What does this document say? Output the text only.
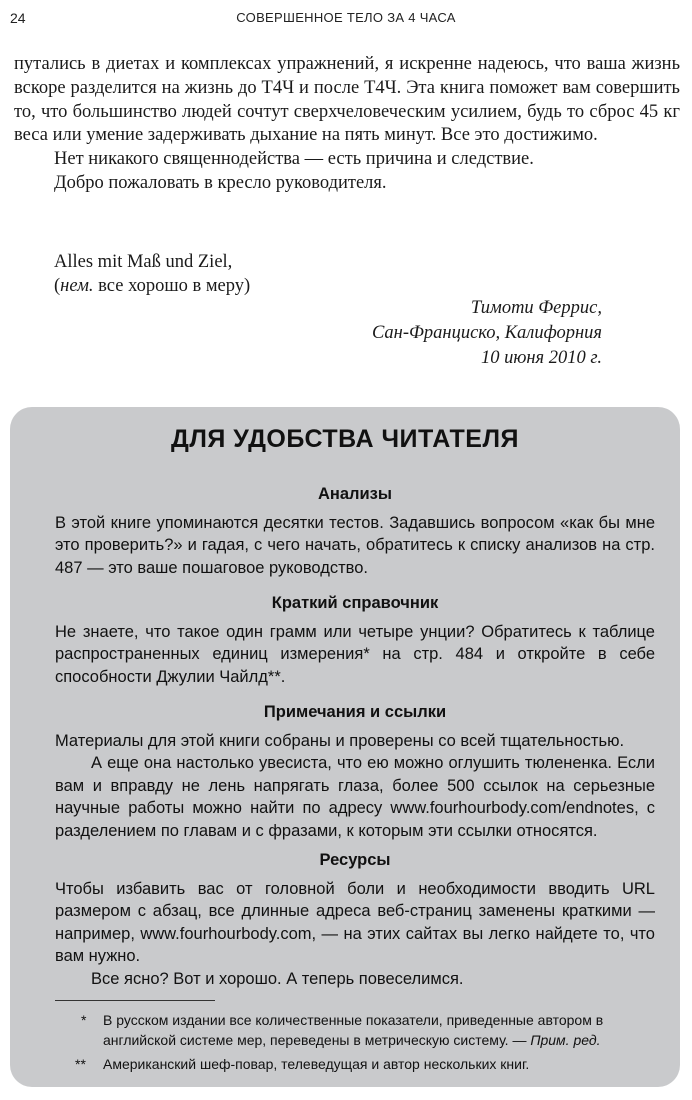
24	СОВЕРШЕННОЕ ТЕЛО ЗА 4 ЧАСА

путались в диетах и комплексах упражнений, я искренне надеюсь, что ваша жизнь вскоре разделится на жизнь до Т4Ч и после Т4Ч. Эта книга поможет вам совершить то, что большинство людей сочтут сверхчеловеческим усилием, будь то сброс 45 кг веса или умение задерживать дыхание на пять минут. Все это достижимо.

Нет никакого священнодейства — есть причина и следствие.

Добро пожаловать в кресло руководителя.

Alles mit Maß und Ziel,
(нем. все хорошо в меру)
Тимоти Феррис,
Сан-Франциско, Калифорния
10 июня 2010 г.
ДЛЯ УДОБСТВА ЧИТАТЕЛЯ
Анализы

В этой книге упоминаются десятки тестов. Задавшись вопросом «как бы мне это проверить?» и гадая, с чего начать, обратитесь к списку анализов на стр. 487 — это ваше пошаговое руководство.

Краткий справочник

Не знаете, что такое один грамм или четыре унции? Обратитесь к таблице распространенных единиц измерения* на стр. 484 и откройте в себе способности Джулии Чайлд**.

Примечания и ссылки

Материалы для этой книги собраны и проверены со всей тщательностью.

А еще она настолько увесиста, что ею можно оглушить тюлененка. Если вам и вправду не лень напрягать глаза, более 500 ссылок на серьезные научные работы можно найти по адресу www.fourhourbody.com/endnotes, с разделением по главам и с фразами, к которым эти ссылки относятся.

Ресурсы

Чтобы избавить вас от головной боли и необходимости вводить URL размером с абзац, все длинные адреса веб-страниц заменены краткими — например, www.fourhourbody.com, — на этих сайтах вы легко найдете то, что вам нужно.

Все ясно? Вот и хорошо. А теперь повеселимся.

* В русском издании все количественные показатели, приведенные автором в английской системе мер, переведены в метрическую систему. — Прим. ред.
** Американский шеф-повар, телеведущая и автор нескольких книг.
